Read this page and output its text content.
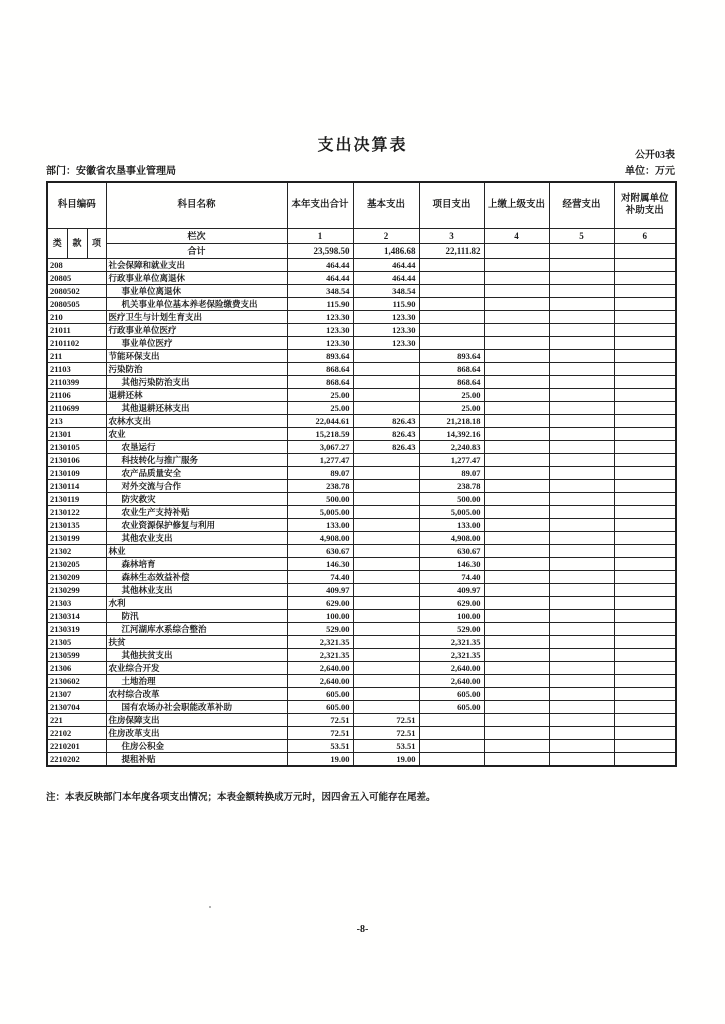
支出决算表
公开03表
部门：安徽省农垦事业管理局	单位：万元
科目编码			科目名称	本年支出合计	基本支出	项目支出	上缴上级支出	经营支出	对附属单位补助支出
类	款	项	栏次	1	2	3	4	5	6
			合计	23,598.50	1,486.68	22,111.82			
208			社会保障和就业支出	464.44	464.44				
20805			行政事业单位离退休	464.44	464.44				
2080502			事业单位离退休	348.54	348.54				
2080505			机关事业单位基本养老保险缴费支出	115.90	115.90				
210			医疗卫生与计划生育支出	123.30	123.30				
21011			行政事业单位医疗	123.30	123.30				
2101102			事业单位医疗	123.30	123.30				
211			节能环保支出	893.64		893.64			
21103			污染防治	868.64		868.64			
2110399			其他污染防治支出	868.64		868.64			
21106			退耕还林	25.00		25.00			
2110699			其他退耕还林支出	25.00		25.00			
213			农林水支出	22,044.61	826.43	21,218.18			
21301			农业	15,218.59	826.43	14,392.16			
2130105			农垦运行	3,067.27	826.43	2,240.83			
2130106			科技转化与推广服务	1,277.47		1,277.47			
2130109			农产品质量安全	89.07		89.07			
2130114			对外交流与合作	238.78		238.78			
2130119			防灾救灾	500.00		500.00			
2130122			农业生产支持补贴	5,005.00		5,005.00			
2130135			农业资源保护修复与利用	133.00		133.00			
2130199			其他农业支出	4,908.00		4,908.00			
21302			林业	630.67		630.67			
2130205			森林培育	146.30		146.30			
2130209			森林生态效益补偿	74.40		74.40			
2130299			其他林业支出	409.97		409.97			
21303			水利	629.00		629.00			
2130314			防汛	100.00		100.00			
2130319			江河湖库水系综合整治	529.00		529.00			
21305			扶贫	2,321.35		2,321.35			
2130599			其他扶贫支出	2,321.35		2,321.35			
21306			农业综合开发	2,640.00		2,640.00			
2130602			土地治理	2,640.00		2,640.00			
21307			农村综合改革	605.00		605.00			
2130704			国有农场办社会职能改革补助	605.00		605.00			
221			住房保障支出	72.51	72.51				
22102			住房改革支出	72.51	72.51				
2210201			住房公积金	53.51	53.51				
2210202			提租补贴	19.00	19.00				
注：本表反映部门本年度各项支出情况；本表金额转换成万元时，因四舍五入可能存在尾差。
-8-
